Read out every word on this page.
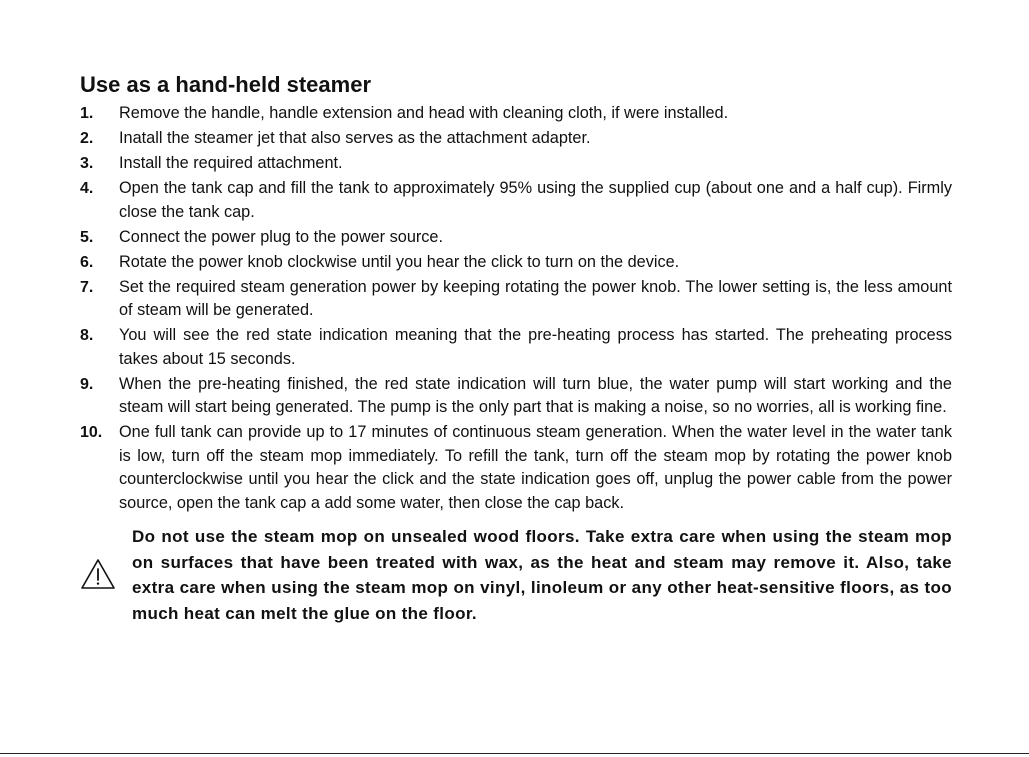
Use as a hand-held steamer
1. Remove the handle, handle extension and head with cleaning cloth, if were installed.
2. Inatall the steamer jet that also serves as the attachment adapter.
3. Install the required attachment.
4. Open the tank cap and fill the tank to approximately 95% using the supplied cup (about one and a half cup). Firmly close the tank cap.
5. Connect the power plug to the power source.
6. Rotate the power knob clockwise until you hear the click to turn on the device.
7. Set the required steam generation power by keeping rotating the power knob. The lower setting is, the less amount of steam will be generated.
8. You will see the red state indication meaning that the pre-heating process has started. The preheating process takes about 15 seconds.
9. When the pre-heating finished, the red state indication will turn blue, the water pump will start working and the steam will start being generated. The pump is the only part that is making a noise, so no worries, all is working fine.
10. One full tank can provide up to 17 minutes of continuous steam generation. When the water level in the water tank is low, turn off the steam mop immediately. To refill the tank, turn off the steam mop by rotating the power knob counterclockwise until you hear the click and the state indication goes off, unplug the power cable from the power source, open the tank cap a add some water, then close the cap back.
Do not use the steam mop on unsealed wood floors. Take extra care when using the steam mop on surfaces that have been treated with wax, as the heat and steam may remove it. Also, take extra care when using the steam mop on vinyl, linoleum or any other heat-sensitive floors, as too much heat can melt the glue on the floor.
